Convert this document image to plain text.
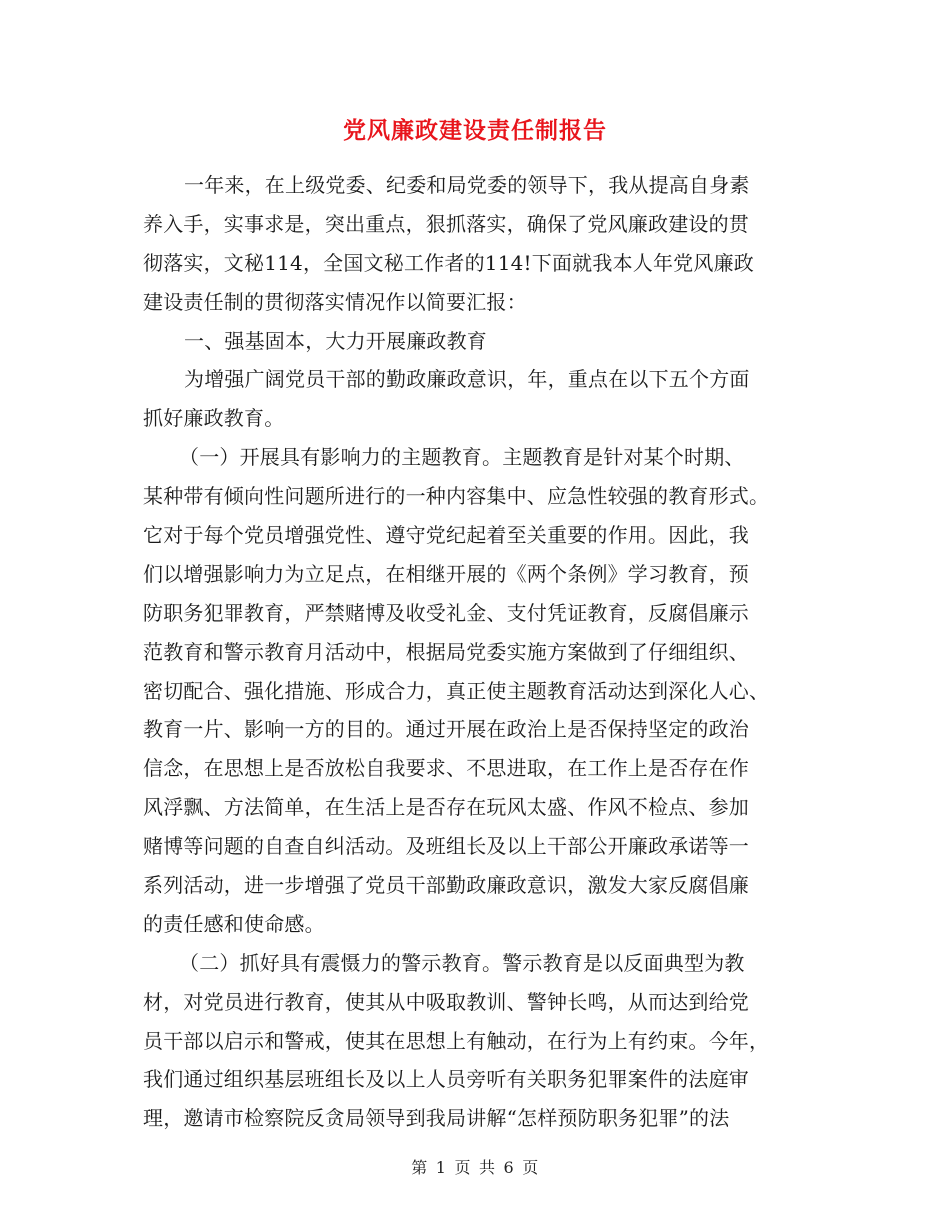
党风廉政建设责任制报告
一年来，在上级党委、纪委和局党委的领导下，我从提高自身素
养入手，实事求是，突出重点，狠抓落实，确保了党风廉政建设的贯
彻落实，文秘114，全国文秘工作者的114!下面就我本人年党风廉政
建设责任制的贯彻落实情况作以简要汇报：
一、强基固本，大力开展廉政教育
为增强广阔党员干部的勤政廉政意识，年，重点在以下五个方面
抓好廉政教育。
（一）开展具有影响力的主题教育。主题教育是针对某个时期、
某种带有倾向性问题所进行的一种内容集中、应急性较强的教育形式。
它对于每个党员增强党性、遵守党纪起着至关重要的作用。因此，我
们以增强影响力为立足点，在相继开展的《两个条例》学习教育，预
防职务犯罪教育，严禁赌博及收受礼金、支付凭证教育，反腐倡廉示
范教育和警示教育月活动中，根据局党委实施方案做到了仔细组织、
密切配合、强化措施、形成合力，真正使主题教育活动达到深化人心、
教育一片、影响一方的目的。通过开展在政治上是否保持坚定的政治
信念，在思想上是否放松自我要求、不思进取，在工作上是否存在作
风浮飘、方法简单，在生活上是否存在玩风太盛、作风不检点、参加
赌博等问题的自查自纠活动。及班组长及以上干部公开廉政承诺等一
系列活动，进一步增强了党员干部勤政廉政意识，激发大家反腐倡廉
的责任感和使命感。
（二）抓好具有震慑力的警示教育。警示教育是以反面典型为教
材，对党员进行教育，使其从中吸取教训、警钟长鸣，从而达到给党
员干部以启示和警戒，使其在思想上有触动，在行为上有约束。今年，
我们通过组织基层班组长及以上人员旁听有关职务犯罪案件的法庭审
理，邀请市检察院反贪局领导到我局讲解“怎样预防职务犯罪”的法
第 1 页 共 6 页
